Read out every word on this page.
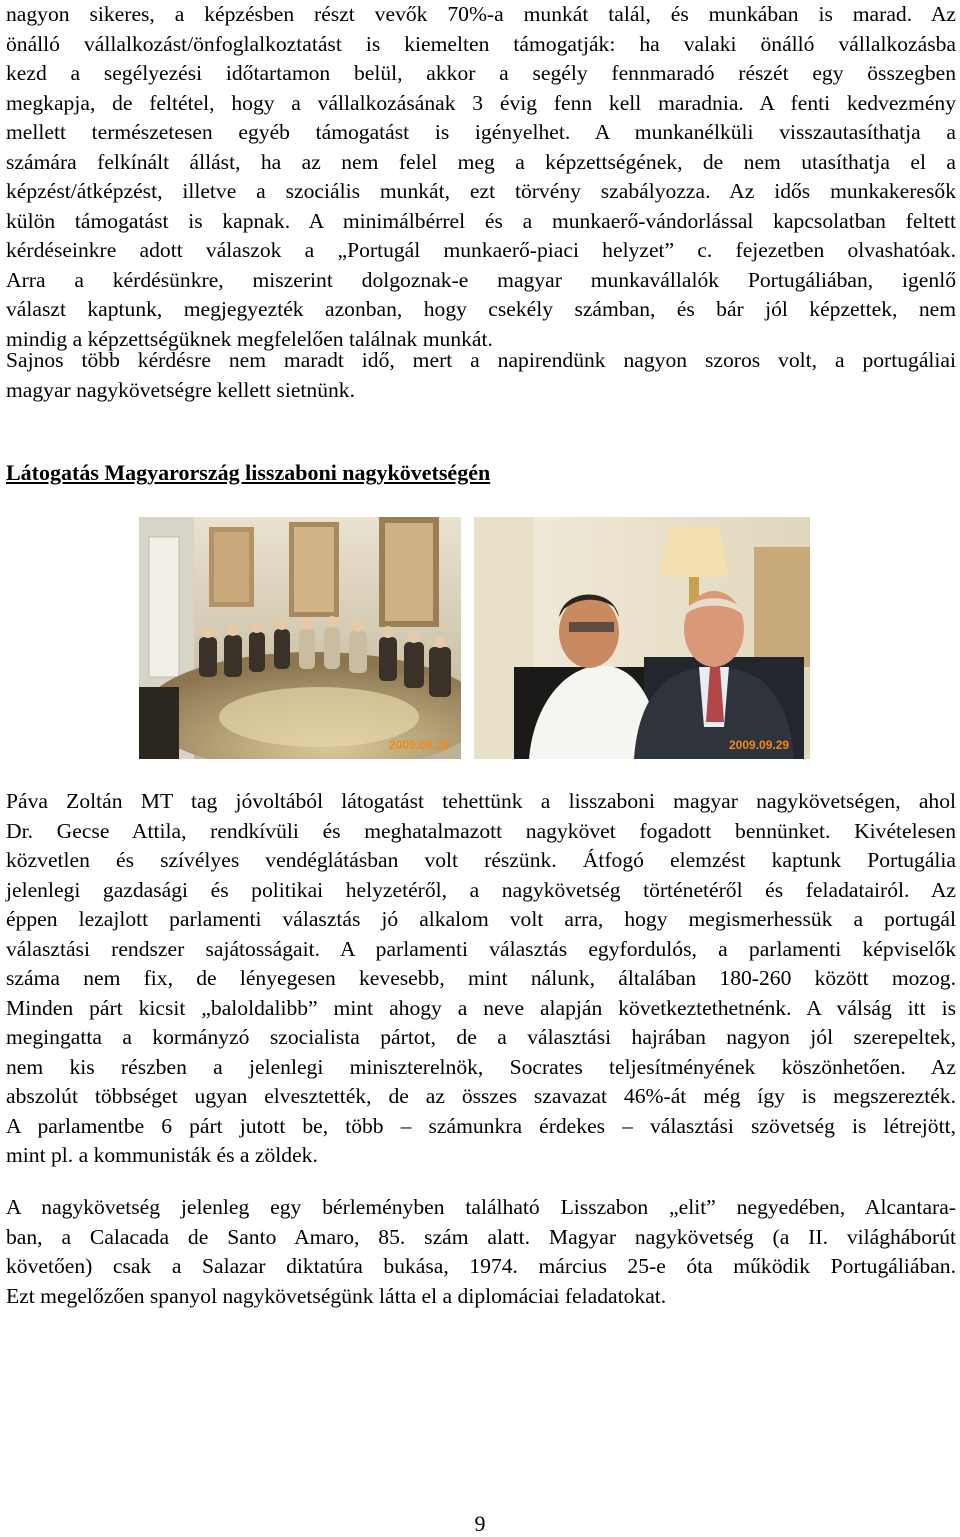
nagyon sikeres, a képzésben részt vevők 70%-a munkát talál, és munkában is marad. Az
önálló vállalkozást/önfoglalkoztatást is kiemelten támogatják: ha valaki önálló vállalkozásba
kezd a segélyezési időtartamon belül, akkor a segély fennmaradó részét egy összegben
megkapja, de feltétel, hogy a vállalkozásának 3 évig fenn kell maradnia. A fenti kedvezmény
mellett természetesen egyéb támogatást is igényelhet. A munkanélküli visszautasíthatja a
számára felkínált állást, ha az nem felel meg a képzettségének, de nem utasíthatja el a
képzést/átképzést, illetve a szociális munkát, ezt törvény szabályozza. Az idős munkakeresők
külön támogatást is kapnak. A minimálbérrel és a munkaerő-vándorlással kapcsolatban feltett
kérdéseinkre adott válaszok a „Portugál munkaerő-piaci helyzet” c. fejezetben olvashatóak.
Arra a kérdésünkre, miszerint dolgoznak-e magyar munkavállalók Portugáliában, igenlő
választ kaptunk, megjegyezték azonban, hogy csekély számban, és bár jól képzettek, nem
mindig a képzettségüknek megfelelően találnak munkát.
Sajnos több kérdésre nem maradt idő, mert a napirendünk nagyon szoros volt, a portugáliai
magyar nagykövetségre kellett sietnünk.
Látogatás Magyarország lisszaboni nagykövetségén
2009.09.29	2009.09.29
Páva Zoltán MT tag jóvoltából látogatást tehettünk a lisszaboni magyar nagykövetségen, ahol
Dr. Gecse Attila, rendkívüli és meghatalmazott nagykövet fogadott bennünket. Kivételesen
közvetlen és szívélyes vendéglátásban volt részünk. Átfogó elemzést kaptunk Portugália
jelenlegi gazdasági és politikai helyzetéről, a nagykövetség történetéről és feladatairól. Az
éppen lezajlott parlamenti választás jó alkalom volt arra, hogy megismerhessük a portugál
választási rendszer sajátosságait. A parlamenti választás egyfordulós, a parlamenti képviselők
száma nem fix, de lényegesen kevesebb, mint nálunk, általában 180-260 között mozog.
Minden párt kicsit „baloldalibb” mint ahogy a neve alapján következtethetnénk. A válság itt is
megingatta a kormányzó szocialista pártot, de a választási hajrában nagyon jól szerepeltek,
nem kis részben a jelenlegi miniszterelnök, Socrates teljesítményének köszönhetően. Az
abszolút többséget ugyan elvesztették, de az összes szavazat 46%-át még így is megszerezték.
A parlamentbe 6 párt jutott be, több – számunkra érdekes – választási szövetség is létrejött,
mint pl. a kommunisták és a zöldek.
A nagykövetség jelenleg egy bérleményben található Lisszabon „elit” negyedében, Alcantara-
ban, a Calacada de Santo Amaro, 85. szám alatt. Magyar nagykövetség (a II. világháborút
követően) csak a Salazar diktatúra bukása, 1974. március 25-e óta működik Portugáliában.
Ezt megelőzően spanyol nagykövetségünk látta el a diplomáciai feladatokat.
9
